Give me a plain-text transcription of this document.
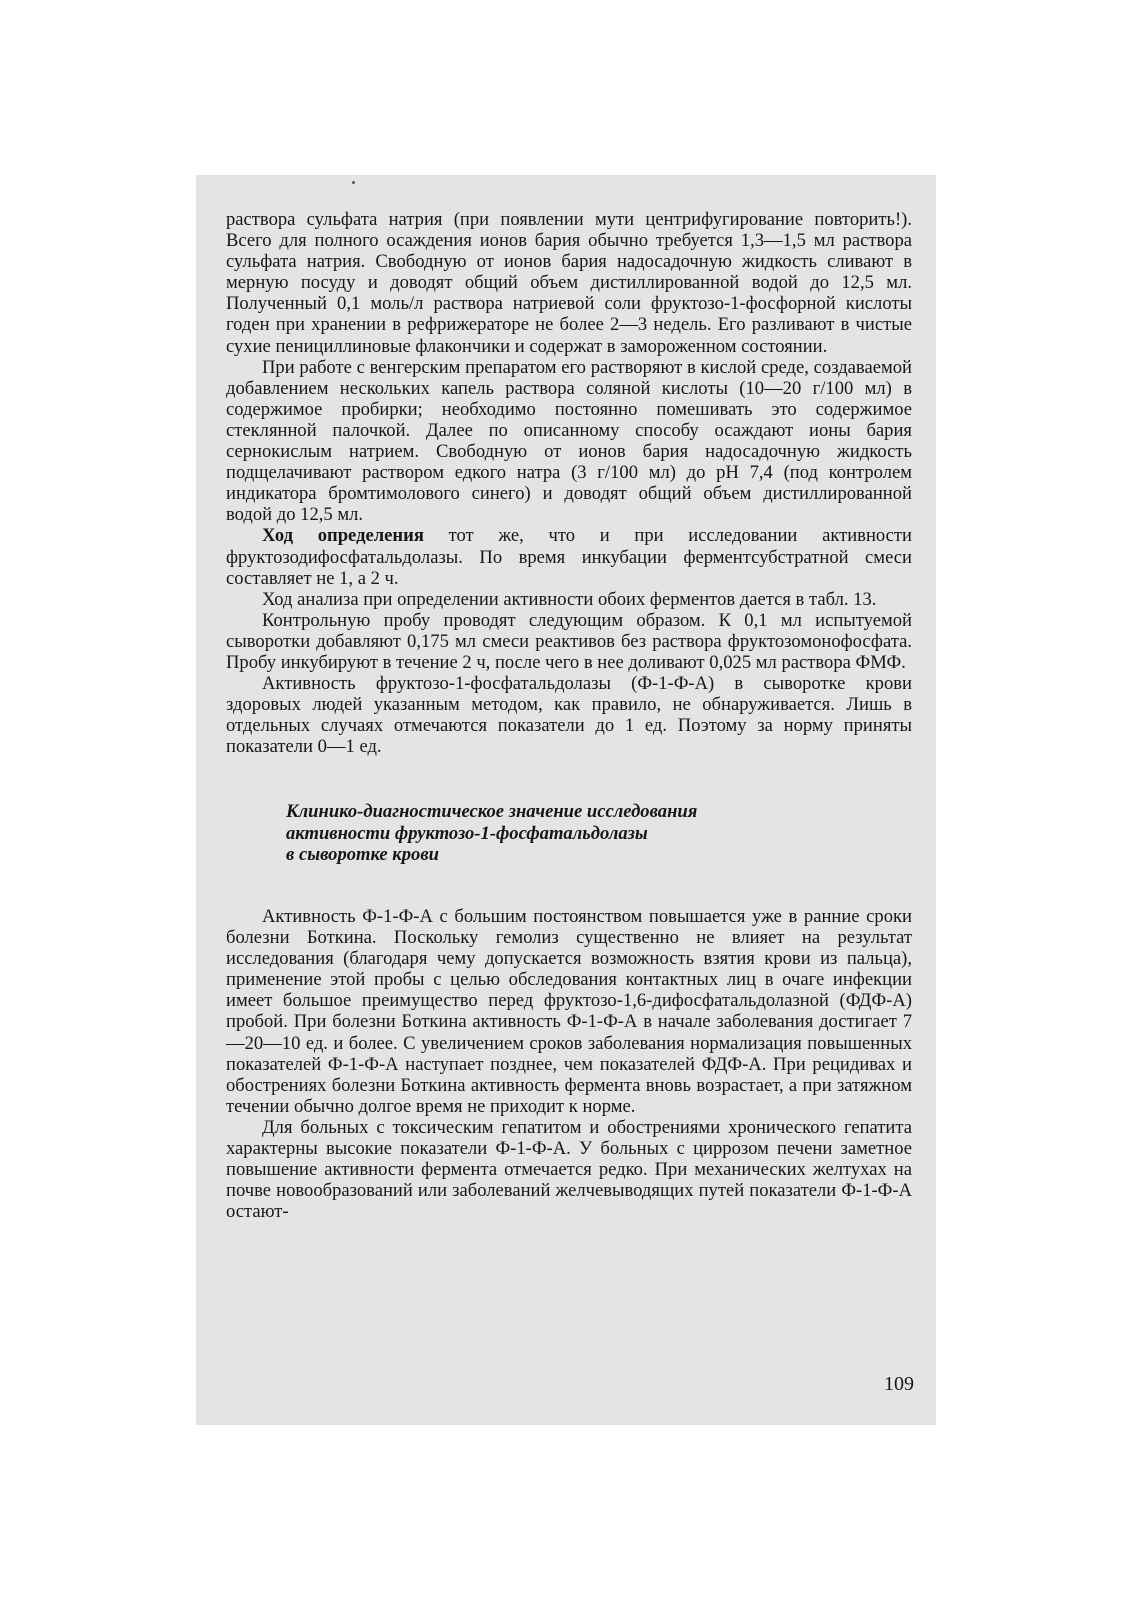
раствора сульфата натрия (при появлении мути центрифугирование повторить!). Всего для полного осаждения ионов бария обычно требуется 1,3—1,5 мл раствора сульфата натрия. Свободную от ионов бария надосадочную жидкость сливают в мерную посуду и доводят общий объем дистиллированной водой до 12,5 мл. Полученный 0,1 моль/л раствора натриевой соли фруктозо-1-фосфорной кислоты годен при хранении в рефрижераторе не более 2—3 недель. Его разливают в чистые сухие пенициллиновые флакончики и содержат в замороженном состоянии.

При работе с венгерским препаратом его растворяют в кислой среде, создаваемой добавлением нескольких капель раствора соляной кислоты (10—20 г/100 мл) в содержимое пробирки; необходимо постоянно помешивать это содержимое стеклянной палочкой. Далее по описанному способу осаждают ионы бария сернокислым натрием. Свободную от ионов бария надосадочную жидкость подщелачивают раствором едкого натра (3 г/100 мл) до pH 7,4 (под контролем индикатора бромтимолового синего) и доводят общий объем дистиллированной водой до 12,5 мл.

Ход определения тот же, что и при исследовании активности фруктозодифосфатальдолазы. По время инкубации ферментсубстратной смеси составляет не 1, а 2 ч.

Ход анализа при определении активности обоих ферментов дается в табл. 13.

Контрольную пробу проводят следующим образом. К 0,1 мл испытуемой сыворотки добавляют 0,175 мл смеси реактивов без раствора фруктозомонофосфата. Пробу инкубируют в течение 2 ч, после чего в нее доливают 0,025 мл раствора ФМФ.

Активность фруктозо-1-фосфатальдолазы (Ф-1-Ф-А) в сыворотке крови здоровых людей указанным методом, как правило, не обнаруживается. Лишь в отдельных случаях отмечаются показатели до 1 ед. Поэтому за норму приняты показатели 0—1 ед.

Клинико-диагностическое значение исследования
активности фруктозо-1-фосфатальдолазы
в сыворотке крови

Активность Ф-1-Ф-А с большим постоянством повышается уже в ранние сроки болезни Боткина. Поскольку гемолиз существенно не влияет на результат исследования (благодаря чему допускается возможность взятия крови из пальца), применение этой пробы с целью обследования контактных лиц в очаге инфекции имеет большое преимущество перед фруктозо-1,6-дифосфатальдолазной (ФДФ-А) пробой. При болезни Боткина активность Ф-1-Ф-А в начале заболевания достигает 7—20—10 ед. и более. С увеличением сроков заболевания нормализация повышенных показателей Ф-1-Ф-А наступает позднее, чем показателей ФДФ-А. При рецидивах и обострениях болезни Боткина активность фермента вновь возрастает, а при затяжном течении обычно долгое время не приходит к норме.

Для больных с токсическим гепатитом и обострениями хронического гепатита характерны высокие показатели Ф-1-Ф-А. У больных с циррозом печени заметное повышение активности фермента отмечается редко. При механических желтухах на почве новообразований или заболеваний желчевыводящих путей показатели Ф-1-Ф-А остают-

109
